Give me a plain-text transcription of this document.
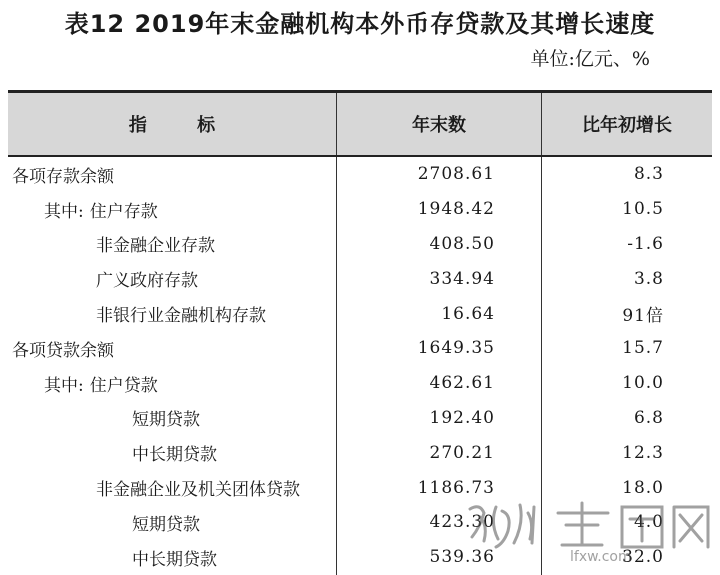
表12 2019年末金融机构本外币存贷款及其增长速度
单位:亿元、%
指 标	年末数	比年初增长
各项存款余额	2708.61	8.3
其中: 住户存款	1948.42	10.5
非金融企业存款	408.50	-1.6
广义政府存款	334.94	3.8
非银行业金融机构存款	16.64	91倍
各项贷款余额	1649.35	15.7
其中: 住户贷款	462.61	10.0
短期贷款	192.40	6.8
中长期贷款	270.21	12.3
非金融企业及机关团体贷款	1186.73	18.0
短期贷款	423.30	4.0
中长期贷款	539.36	32.0
lfxw.com
